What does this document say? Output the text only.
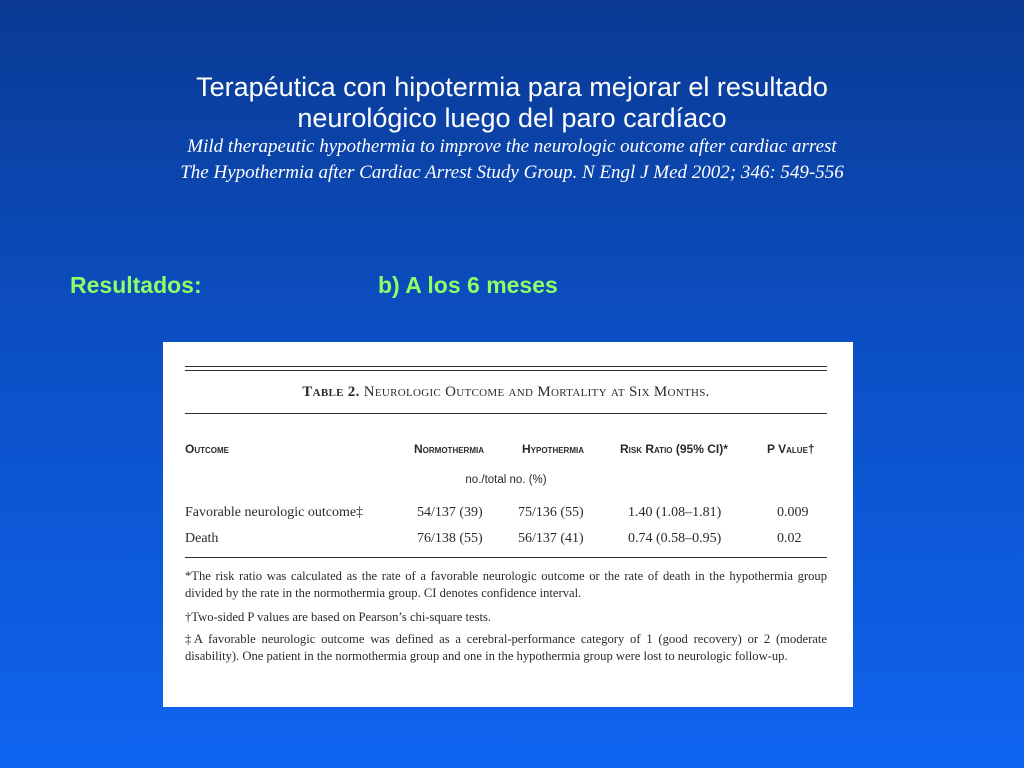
Terapéutica con hipotermia para mejorar el resultado
neurológico luego del paro cardíaco
Mild therapeutic hypothermia to improve the neurologic outcome after cardiac arrest
The Hypothermia after Cardiac Arrest Study Group. N Engl J Med 2002; 346: 549-556
Resultados:	b) A los 6 meses
Table 2. Neurologic Outcome and Mortality at Six Months.
Outcome	Normothermia	Hypothermia	Risk Ratio (95% CI)*	P Value†
no./total no. (%)
Favorable neurologic outcome‡	54/137 (39)	75/136 (55)	1.40 (1.08–1.81)	0.009
Death	76/138 (55)	56/137 (41)	0.74 (0.58–0.95)	0.02
*The risk ratio was calculated as the rate of a favorable neurologic outcome or the rate of death in the hypothermia group divided by the rate in the normothermia group. CI denotes confidence interval.
†Two-sided P values are based on Pearson’s chi-square tests.
‡A favorable neurologic outcome was defined as a cerebral-performance category of 1 (good recovery) or 2 (moderate disability). One patient in the normothermia group and one in the hypothermia group were lost to neurologic follow-up.
